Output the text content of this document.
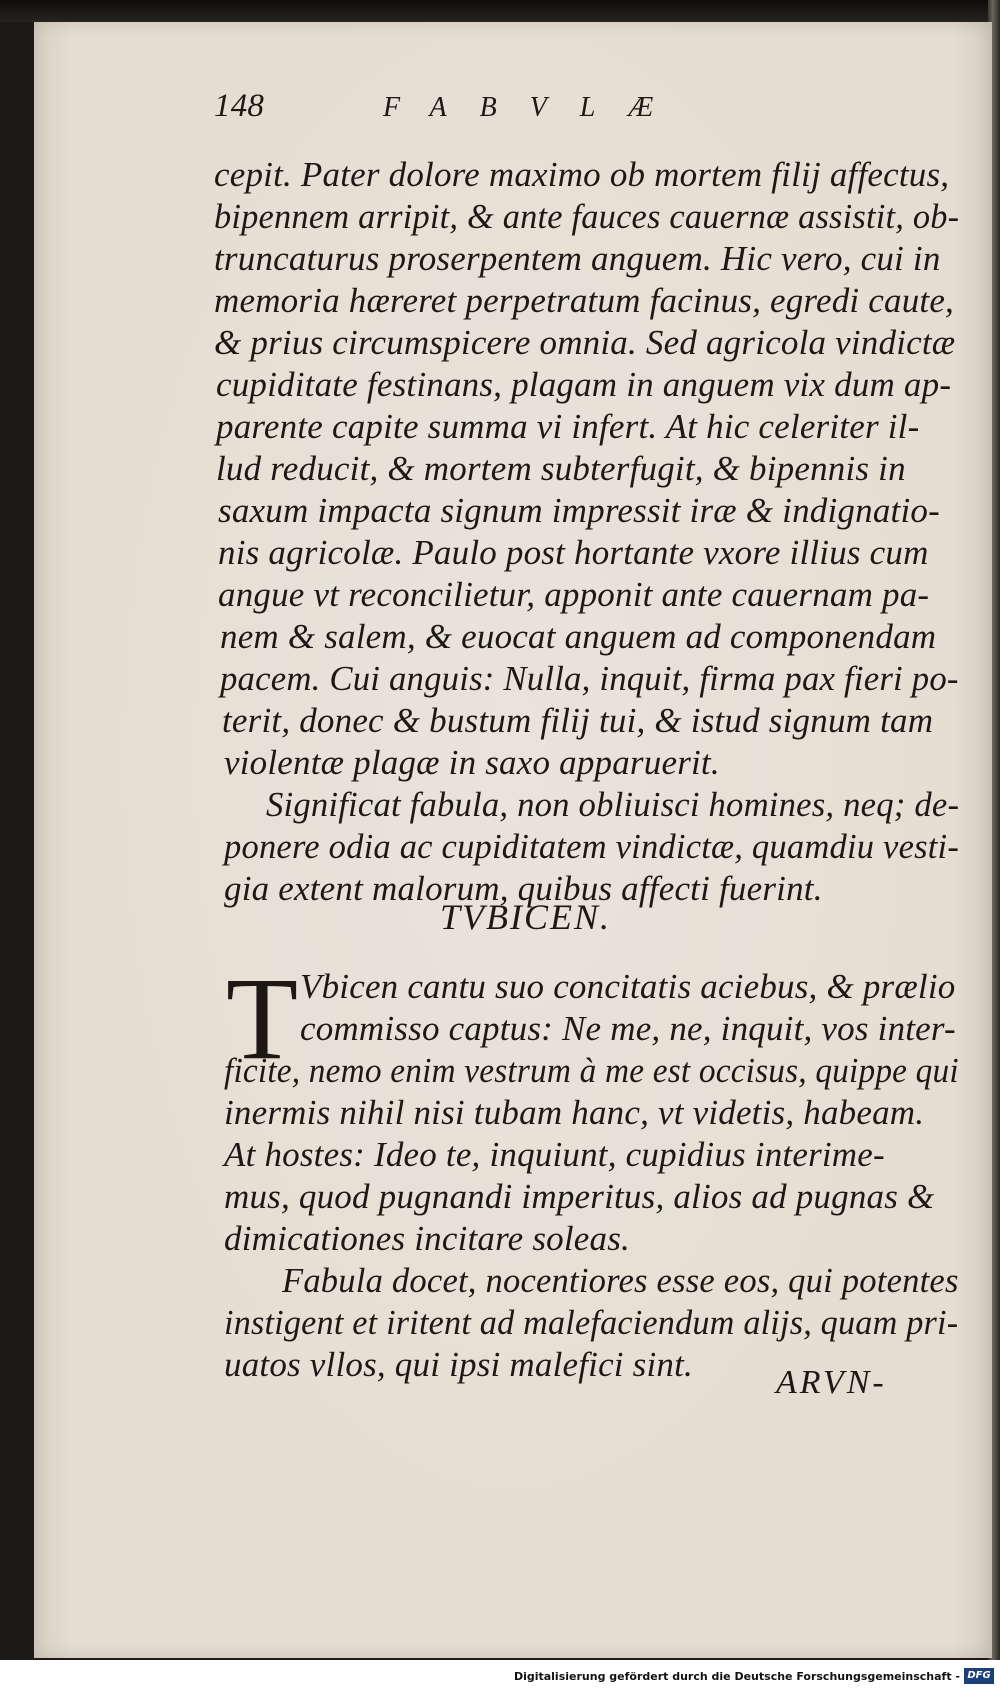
148	FABVLÆ
cepit. Pater dolore maximo ob mortem filij affectus,
bipennem arripit, & ante fauces cauernæ assistit, ob-
truncaturus proserpentem anguem. Hic vero, cui in
memoria hæreret perpetratum facinus, egredi caute,
& prius circumspicere omnia. Sed agricola vindictæ
cupiditate festinans, plagam in anguem vix dum ap-
parente capite summa vi infert. At hic celeriter il-
lud reducit, & mortem subterfugit, & bipennis in
saxum impacta signum impressit iræ & indignatio-
nis agricolæ. Paulo post hortante vxore illius cum
angue vt reconcilietur, apponit ante cauernam pa-
nem & salem, & euocat anguem ad componendam
pacem. Cui anguis: Nulla, inquit, firma pax fieri po-
terit, donec & bustum filij tui, & istud signum tam
violentæ plagæ in saxo apparuerit.
Significat fabula, non obliuisci homines, neq; de-
ponere odia ac cupiditatem vindictæ, quamdiu vesti-
gia extent malorum, quibus affecti fuerint.
TVBICEN.
T Vbicen cantu suo concitatis aciebus, & prælio
commisso captus: Ne me, ne, inquit, vos inter-
ficite, nemo enim vestrum à me est occisus, quippe qui
inermis nihil nisi tubam hanc, vt videtis, habeam.
At hostes: Ideo te, inquiunt, cupidius interime-
mus, quod pugnandi imperitus, alios ad pugnas &
dimicationes incitare soleas.
Fabula docet, nocentiores esse eos, qui potentes
instigent et iritent ad malefaciendum alijs, quam pri-
uatos vllos, qui ipsi malefici sint. ARVN-
Digitalisierung gefördert durch die Deutsche Forschungsgemeinschaft - DFG
